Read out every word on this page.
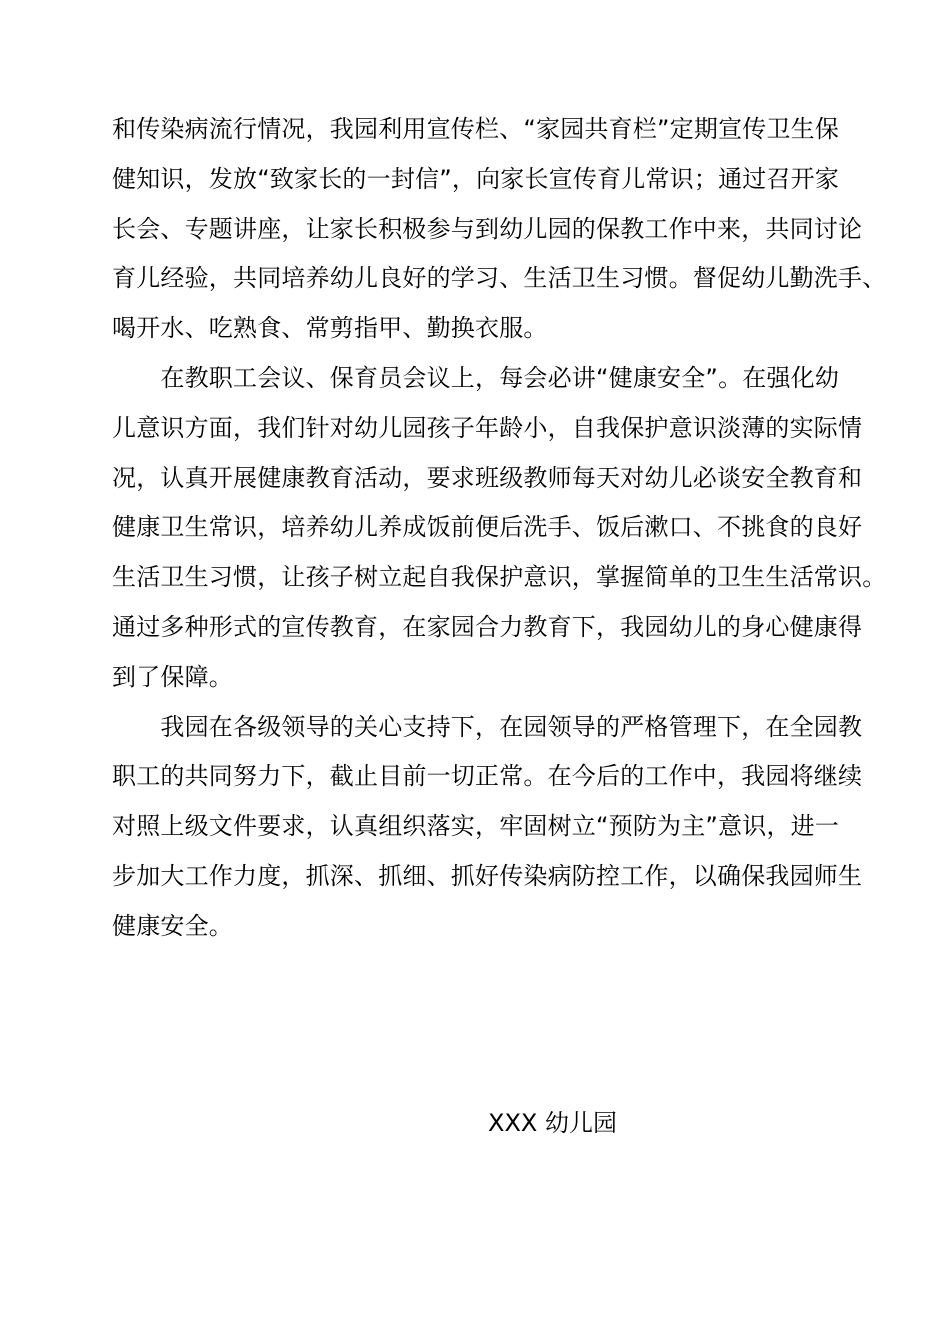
和传染病流行情况，我园利用宣传栏、“家园共育栏”定期宣传卫生保
健知识，发放“致家长的一封信”，向家长宣传育儿常识；通过召开家
长会、专题讲座，让家长积极参与到幼儿园的保教工作中来，共同讨论
育儿经验，共同培养幼儿良好的学习、生活卫生习惯。督促幼儿勤洗手、
喝开水、吃熟食、常剪指甲、勤换衣服。
　　在教职工会议、保育员会议上，每会必讲“健康安全”。在强化幼
儿意识方面，我们针对幼儿园孩子年龄小，自我保护意识淡薄的实际情
况，认真开展健康教育活动，要求班级教师每天对幼儿必谈安全教育和
健康卫生常识，培养幼儿养成饭前便后洗手、饭后漱口、不挑食的良好
生活卫生习惯，让孩子树立起自我保护意识，掌握简单的卫生生活常识。
通过多种形式的宣传教育，在家园合力教育下，我园幼儿的身心健康得
到了保障。
　　我园在各级领导的关心支持下，在园领导的严格管理下，在全园教
职工的共同努力下，截止目前一切正常。在今后的工作中，我园将继续
对照上级文件要求，认真组织落实，牢固树立“预防为主”意识，进一
步加大工作力度，抓深、抓细、抓好传染病防控工作，以确保我园师生
健康安全。
XXX 幼儿园
